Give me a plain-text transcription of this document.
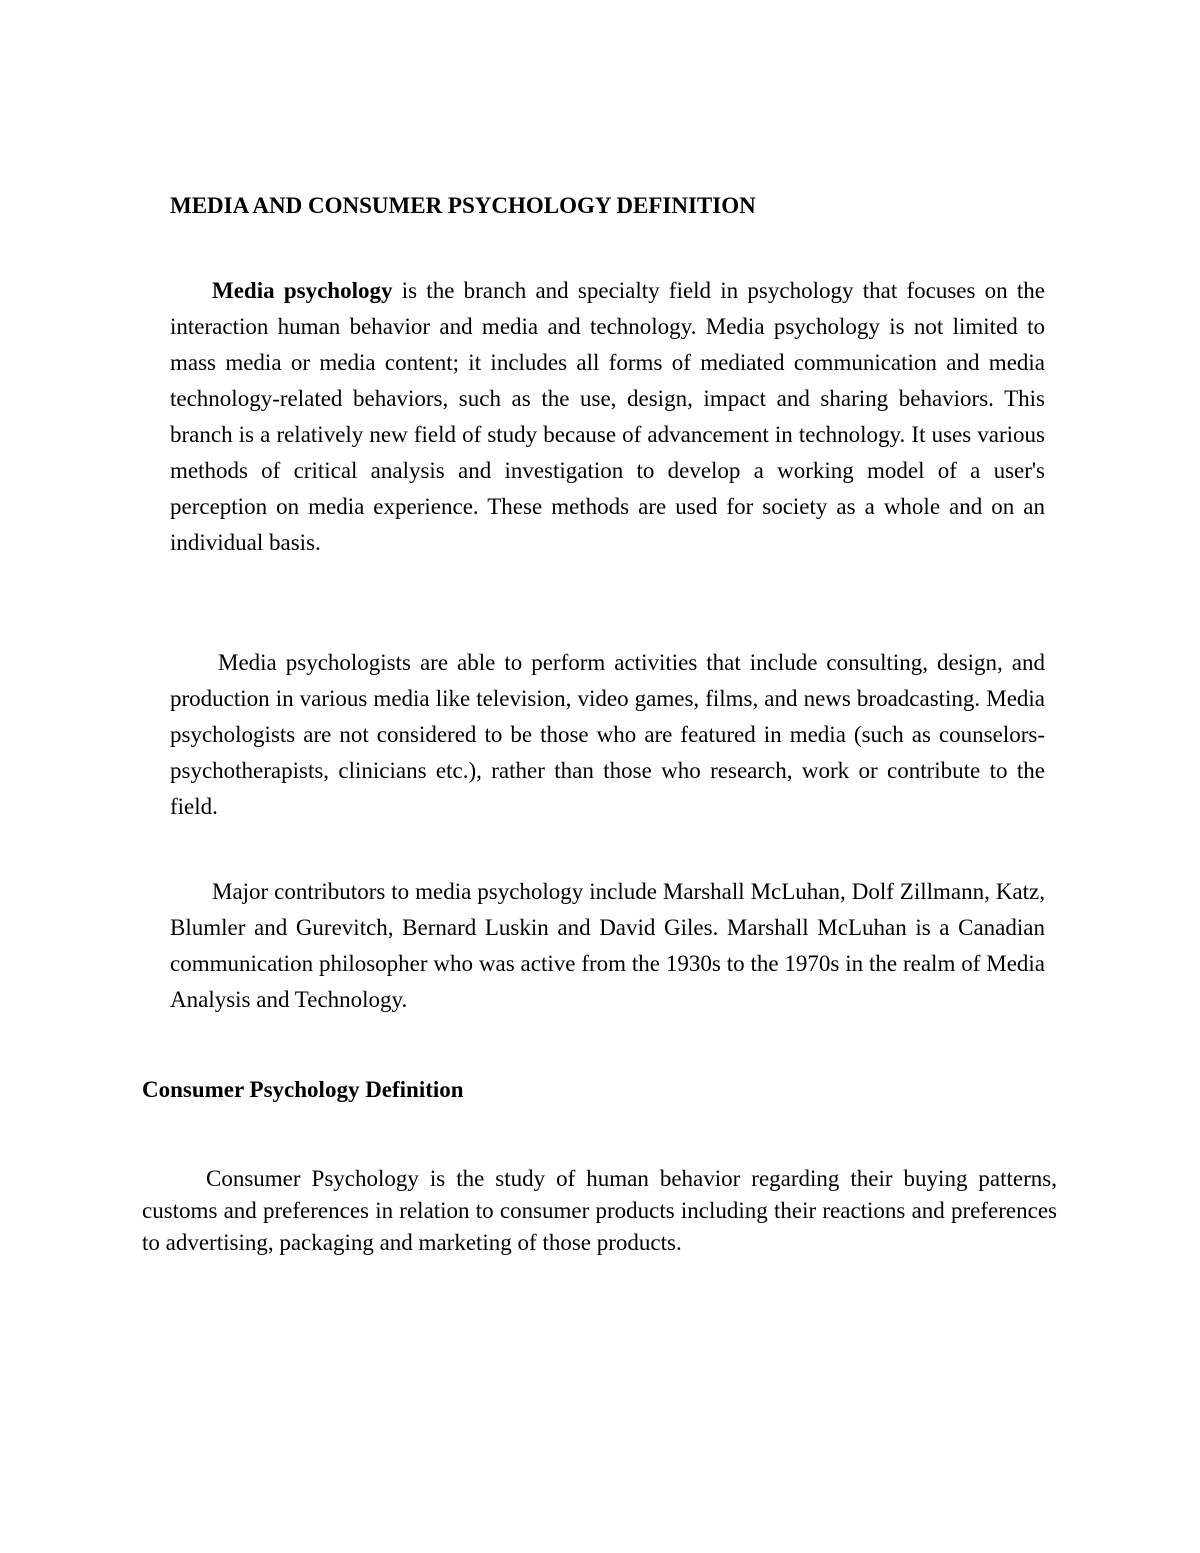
MEDIA AND CONSUMER PSYCHOLOGY DEFINITION

Media psychology is the branch and specialty field in psychology that focuses on the interaction human behavior and media and technology. Media psychology is not limited to mass media or media content; it includes all forms of mediated communication and media technology-related behaviors, such as the use, design, impact and sharing behaviors. This branch is a relatively new field of study because of advancement in technology. It uses various methods of critical analysis and investigation to develop a working model of a user's perception on media experience. These methods are used for society as a whole and on an individual basis.

Media psychologists are able to perform activities that include consulting, design, and production in various media like television, video games, films, and news broadcasting. Media psychologists are not considered to be those who are featured in media (such as counselors-psychotherapists, clinicians etc.), rather than those who research, work or contribute to the field.

Major contributors to media psychology include Marshall McLuhan, Dolf Zillmann, Katz, Blumler and Gurevitch, Bernard Luskin and David Giles. Marshall McLuhan is a Canadian communication philosopher who was active from the 1930s to the 1970s in the realm of Media Analysis and Technology.

Consumer Psychology Definition

Consumer Psychology is the study of human behavior regarding their buying patterns, customs and preferences in relation to consumer products including their reactions and preferences to advertising, packaging and marketing of those products.
